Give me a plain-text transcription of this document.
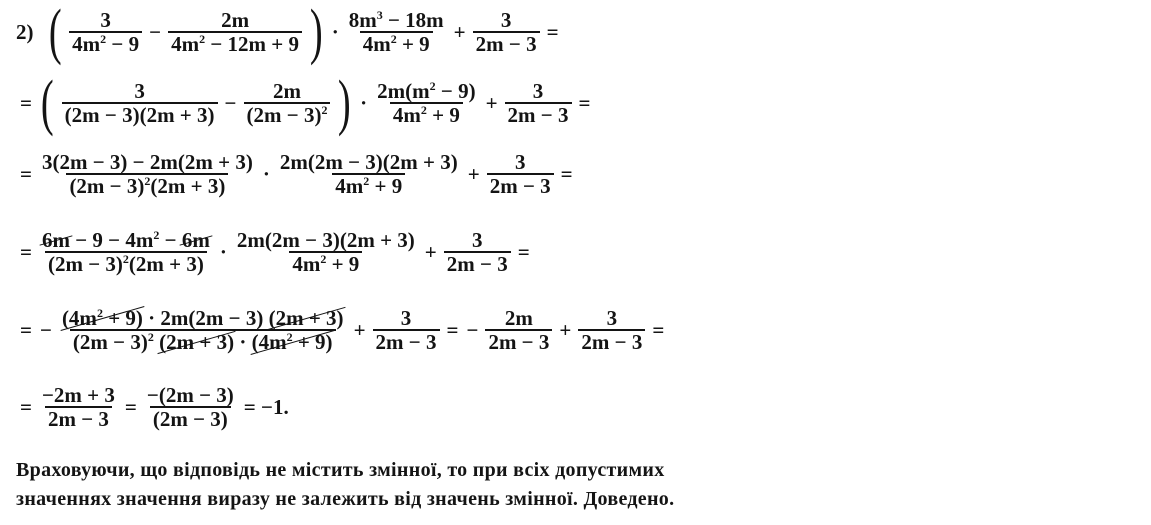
2) ( $\frac{3}{4m^2 - 9} - \frac{2m}{4m^2 - 12m + 9}$ ) · $\frac{8m^3 - 18m}{4m^2 + 9} + \frac{3}{2m - 3}$ =
= ( $\frac{3}{(2m - 3)(2m + 3)} - \frac{2m}{(2m - 3)^2}$ ) · $\frac{2m(m^2 - 9)}{4m^2 + 9} + \frac{3}{2m - 3}$ =
= $\frac{3(2m - 3) - 2m(2m + 3)}{(2m - 3)^2(2m + 3)} \cdot \frac{2m(2m - 3)(2m + 3)}{4m^2 + 9} + \frac{3}{2m - 3}$ =
= $\frac{6m - 9 - 4m^2 - 6m}{(2m - 3)^2(2m + 3)} \cdot \frac{2m(2m - 3)(2m + 3)}{4m^2 + 9} + \frac{3}{2m - 3}$ =
= − $\frac{(4m^2 + 9) \cdot 2m(2m - 3) (2m + 3)}{(2m - 3)^2 (2m + 3) \cdot (4m^2 + 9)} + \frac{3}{2m - 3}$ = − $\frac{2m}{2m - 3} + \frac{3}{2m - 3}$ =
= $\frac{-2m + 3}{2m - 3} = \frac{-(2m - 3)}{(2m - 3)} = -1$.
Враховуючи, що відповідь не містить змінної, то при всіх допустимих
значеннях значення виразу не залежить від значень змінної. Доведено.
